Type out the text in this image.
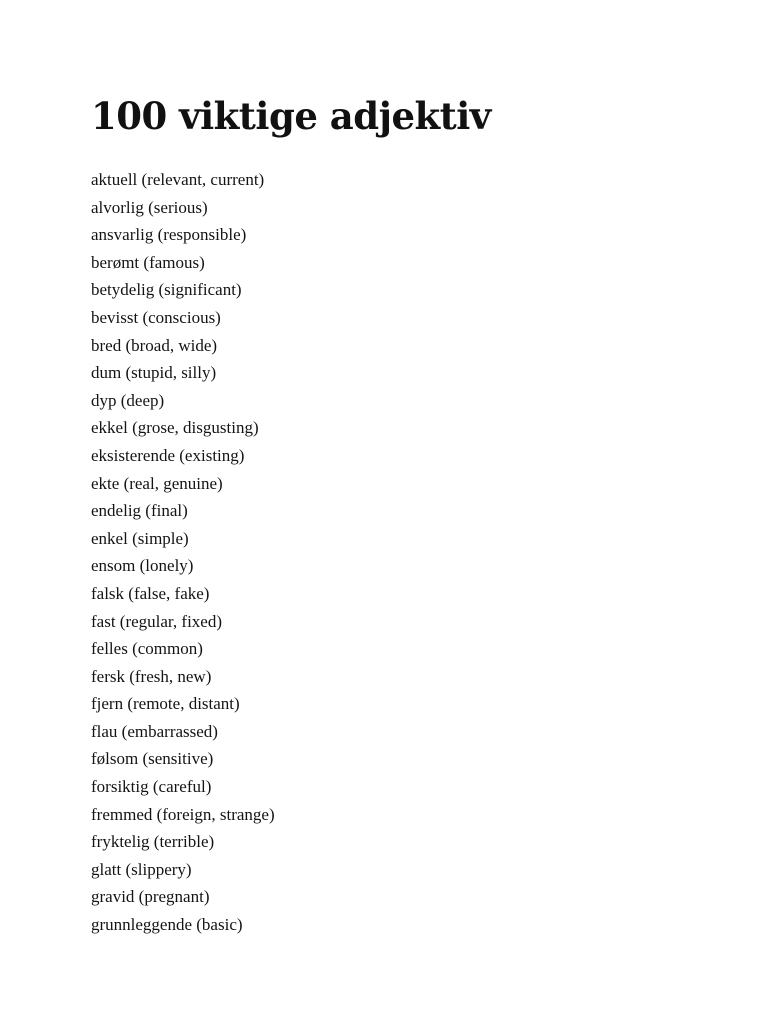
100 viktige adjektiv
aktuell (relevant, current)
alvorlig (serious)
ansvarlig (responsible)
berømt (famous)
betydelig (significant)
bevisst (conscious)
bred (broad, wide)
dum (stupid, silly)
dyp (deep)
ekkel (grose, disgusting)
eksisterende (existing)
ekte (real, genuine)
endelig (final)
enkel (simple)
ensom (lonely)
falsk (false, fake)
fast (regular, fixed)
felles (common)
fersk (fresh, new)
fjern (remote, distant)
flau (embarrassed)
følsom (sensitive)
forsiktig (careful)
fremmed (foreign, strange)
fryktelig (terrible)
glatt (slippery)
gravid (pregnant)
grunnleggende (basic)
